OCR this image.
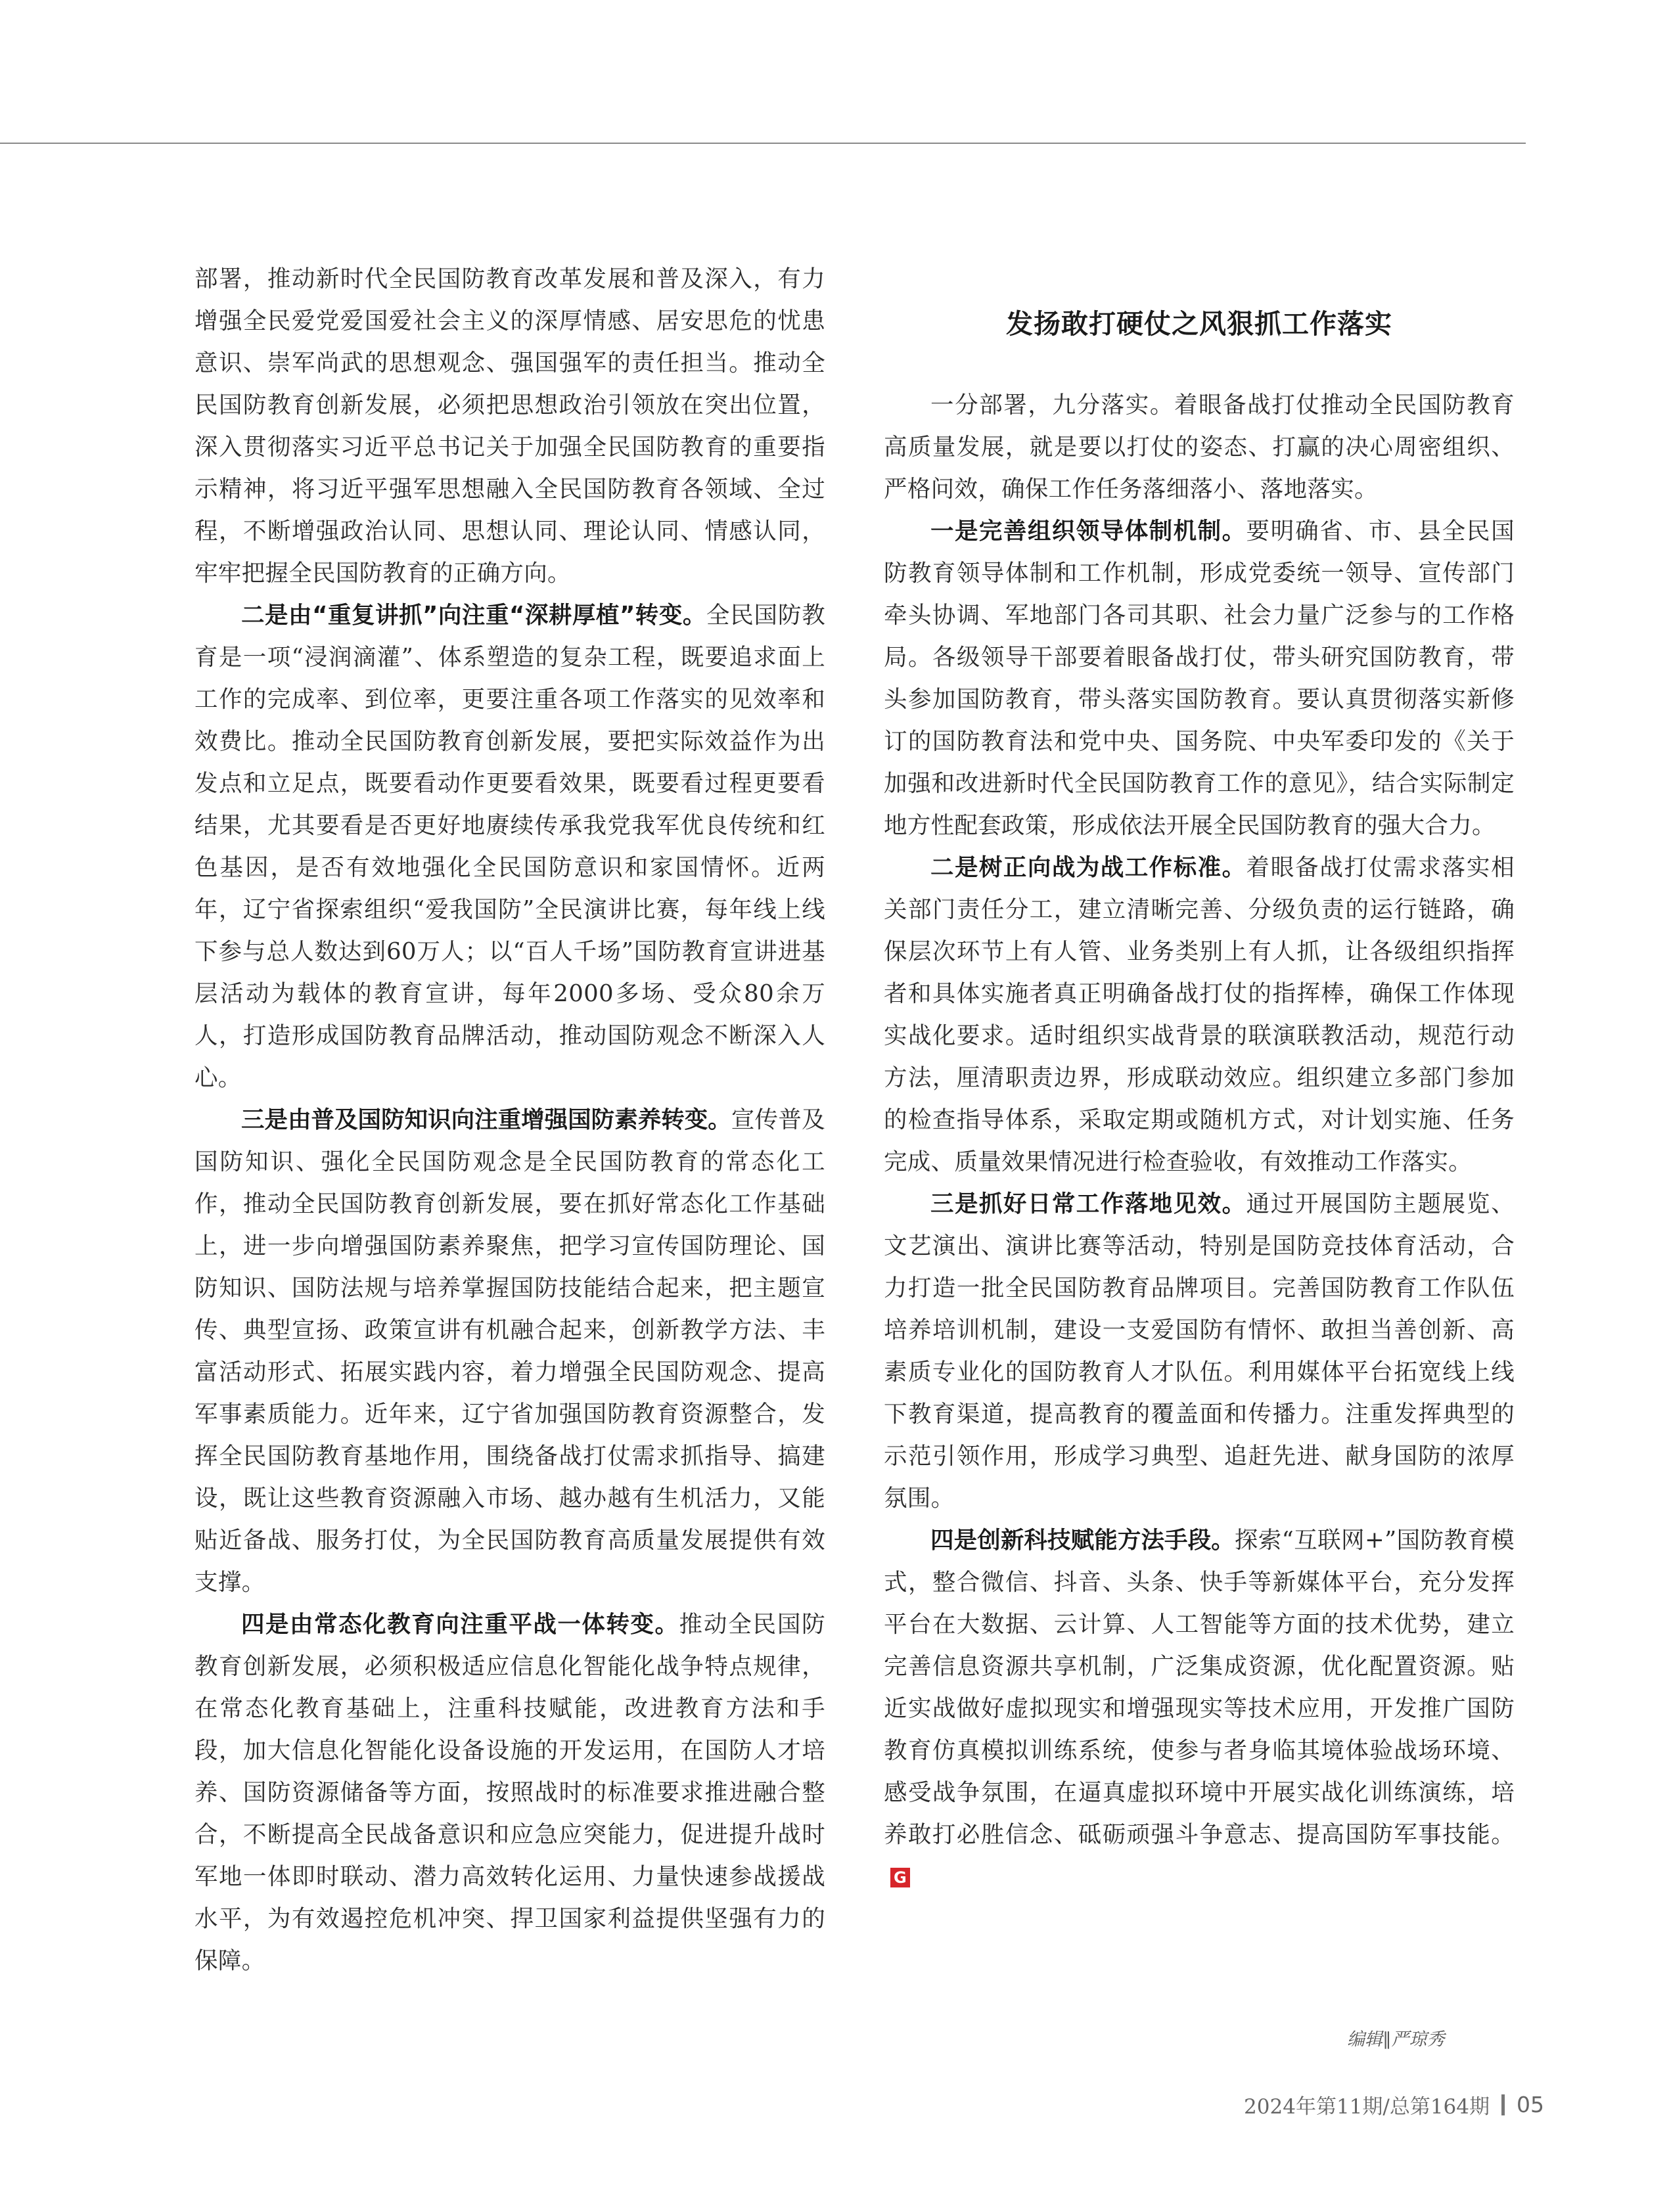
部署，推动新时代全民国防教育改革发展和普及深入，有力增强全民爱党爱国爱社会主义的深厚情感、居安思危的忧患意识、崇军尚武的思想观念、强国强军的责任担当。推动全民国防教育创新发展，必须把思想政治引领放在突出位置，深入贯彻落实习近平总书记关于加强全民国防教育的重要指示精神，将习近平强军思想融入全民国防教育各领域、全过程，不断增强政治认同、思想认同、理论认同、情感认同，牢牢把握全民国防教育的正确方向。

二是由“重复讲抓”向注重“深耕厚植”转变。全民国防教育是一项“浸润滴灌”、体系塑造的复杂工程，既要追求面上工作的完成率、到位率，更要注重各项工作落实的见效率和效费比。推动全民国防教育创新发展，要把实际效益作为出发点和立足点，既要看动作更要看效果，既要看过程更要看结果，尤其要看是否更好地赓续传承我党我军优良传统和红色基因，是否有效地强化全民国防意识和家国情怀。近两年，辽宁省探索组织“爱我国防”全民演讲比赛，每年线上线下参与总人数达到60万人；以“百人千场”国防教育宣讲进基层活动为载体的教育宣讲，每年2000多场、受众80余万人，打造形成国防教育品牌活动，推动国防观念不断深入人心。

三是由普及国防知识向注重增强国防素养转变。宣传普及国防知识、强化全民国防观念是全民国防教育的常态化工作，推动全民国防教育创新发展，要在抓好常态化工作基础上，进一步向增强国防素养聚焦，把学习宣传国防理论、国防知识、国防法规与培养掌握国防技能结合起来，把主题宣传、典型宣扬、政策宣讲有机融合起来，创新教学方法、丰富活动形式、拓展实践内容，着力增强全民国防观念、提高军事素质能力。近年来，辽宁省加强国防教育资源整合，发挥全民国防教育基地作用，围绕备战打仗需求抓指导、搞建设，既让这些教育资源融入市场、越办越有生机活力，又能贴近备战、服务打仗，为全民国防教育高质量发展提供有效支撑。

四是由常态化教育向注重平战一体转变。推动全民国防教育创新发展，必须积极适应信息化智能化战争特点规律，在常态化教育基础上，注重科技赋能，改进教育方法和手段，加大信息化智能化设备设施的开发运用，在国防人才培养、国防资源储备等方面，按照战时的标准要求推进融合整合，不断提高全民战备意识和应急应突能力，促进提升战时军地一体即时联动、潜力高效转化运用、力量快速参战援战水平，为有效遏控危机冲突、捍卫国家利益提供坚强有力的保障。

发扬敢打硬仗之风狠抓工作落实

一分部署，九分落实。着眼备战打仗推动全民国防教育高质量发展，就是要以打仗的姿态、打赢的决心周密组织、严格问效，确保工作任务落细落小、落地落实。

一是完善组织领导体制机制。要明确省、市、县全民国防教育领导体制和工作机制，形成党委统一领导、宣传部门牵头协调、军地部门各司其职、社会力量广泛参与的工作格局。各级领导干部要着眼备战打仗，带头研究国防教育，带头参加国防教育，带头落实国防教育。要认真贯彻落实新修订的国防教育法和党中央、国务院、中央军委印发的《关于加强和改进新时代全民国防教育工作的意见》，结合实际制定地方性配套政策，形成依法开展全民国防教育的强大合力。

二是树正向战为战工作标准。着眼备战打仗需求落实相关部门责任分工，建立清晰完善、分级负责的运行链路，确保层次环节上有人管、业务类别上有人抓，让各级组织指挥者和具体实施者真正明确备战打仗的指挥棒，确保工作体现实战化要求。适时组织实战背景的联演联教活动，规范行动方法，厘清职责边界，形成联动效应。组织建立多部门参加的检查指导体系，采取定期或随机方式，对计划实施、任务完成、质量效果情况进行检查验收，有效推动工作落实。

三是抓好日常工作落地见效。通过开展国防主题展览、文艺演出、演讲比赛等活动，特别是国防竞技体育活动，合力打造一批全民国防教育品牌项目。完善国防教育工作队伍培养培训机制，建设一支爱国防有情怀、敢担当善创新、高素质专业化的国防教育人才队伍。利用媒体平台拓宽线上线下教育渠道，提高教育的覆盖面和传播力。注重发挥典型的示范引领作用，形成学习典型、追赶先进、献身国防的浓厚氛围。

四是创新科技赋能方法手段。探索“互联网+”国防教育模式，整合微信、抖音、头条、快手等新媒体平台，充分发挥平台在大数据、云计算、人工智能等方面的技术优势，建立完善信息资源共享机制，广泛集成资源，优化配置资源。贴近实战做好虚拟现实和增强现实等技术应用，开发推广国防教育仿真模拟训练系统，使参与者身临其境体验战场环境、感受战争氛围，在逼真虚拟环境中开展实战化训练演练，培养敢打必胜信念、砥砺顽强斗争意志、提高国防军事技能。G

编辑∥严琼秀
2024年第11期/总第164期 05
